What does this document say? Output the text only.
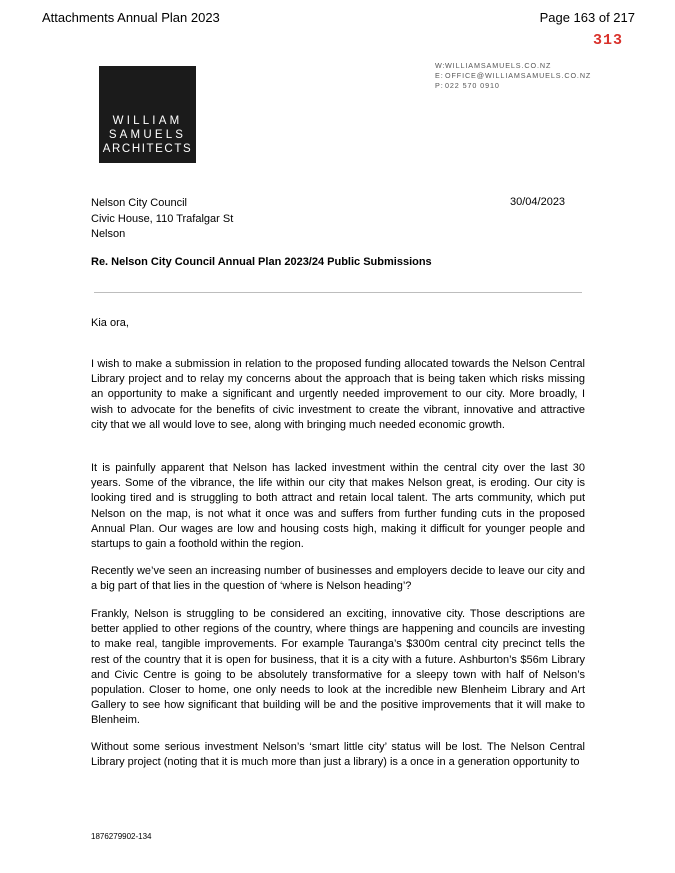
Attachments Annual Plan 2023	Page 163 of 217
313
WILLIAM
SAMUELS
ARCHITECTS
W:WILLIAMSAMUELS.CO.NZ
E:OFFICE@WILLIAMSAMUELS.CO.NZ
P:022 570 0910
Nelson City Council
Civic House, 110 Trafalgar St
Nelson
30/04/2023
Re. Nelson City Council Annual Plan 2023/24 Public Submissions
Kia ora,

I wish to make a submission in relation to the proposed funding allocated towards the Nelson Central Library project and to relay my concerns about the approach that is being taken which risks missing an opportunity to make a significant and urgently needed improvement to our city. More broadly, I wish to advocate for the benefits of civic investment to create the vibrant, innovative and attractive city that we all would love to see, along with bringing much needed economic growth.

It is painfully apparent that Nelson has lacked investment within the central city over the last 30 years. Some of the vibrance, the life within our city that makes Nelson great, is eroding. Our city is looking tired and is struggling to both attract and retain local talent. The arts community, which put Nelson on the map, is not what it once was and suffers from further funding cuts in the proposed Annual Plan. Our wages are low and housing costs high, making it difficult for younger people and startups to gain a foothold within the region.

Recently we’ve seen an increasing number of businesses and employers decide to leave our city and a big part of that lies in the question of ‘where is Nelson heading’?

Frankly, Nelson is struggling to be considered an exciting, innovative city. Those descriptions are better applied to other regions of the country, where things are happening and councils are investing to make real, tangible improvements. For example Tauranga’s $300m central city precinct tells the rest of the country that it is open for business, that it is a city with a future. Ashburton’s $56m Library and Civic Centre is going to be absolutely transformative for a sleepy town with half of Nelson’s population. Closer to home, one only needs to look at the incredible new Blenheim Library and Art Gallery to see how significant that building will be and the positive improvements that it will make to Blenheim.

Without some serious investment Nelson’s ‘smart little city’ status will be lost. The Nelson Central Library project (noting that it is much more than just a library) is a once in a generation opportunity to

1876279902-134
